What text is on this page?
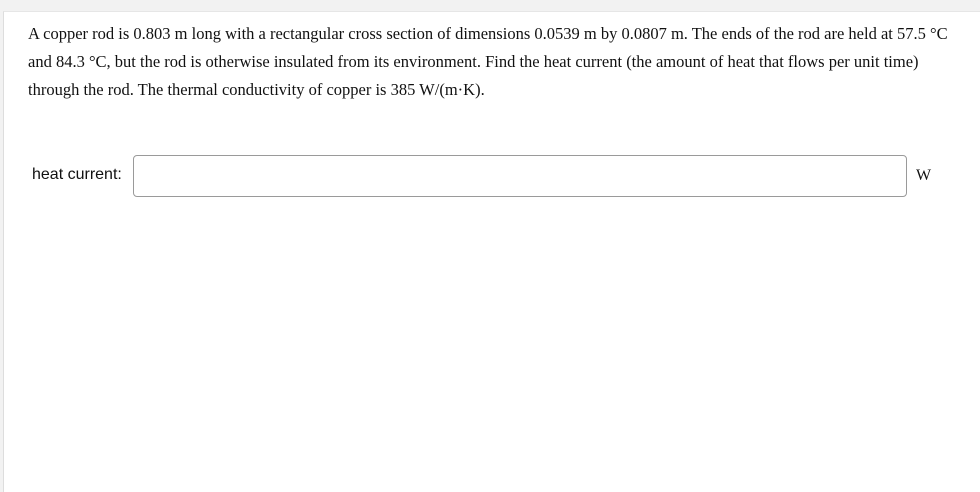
A copper rod is 0.803 m long with a rectangular cross section of dimensions 0.0539 m by 0.0807 m. The ends of the rod are held at 57.5 °C and 84.3 °C, but the rod is otherwise insulated from its environment. Find the heat current (the amount of heat that flows per unit time) through the rod. The thermal conductivity of copper is 385 W/(m·K).

heat current:	W
